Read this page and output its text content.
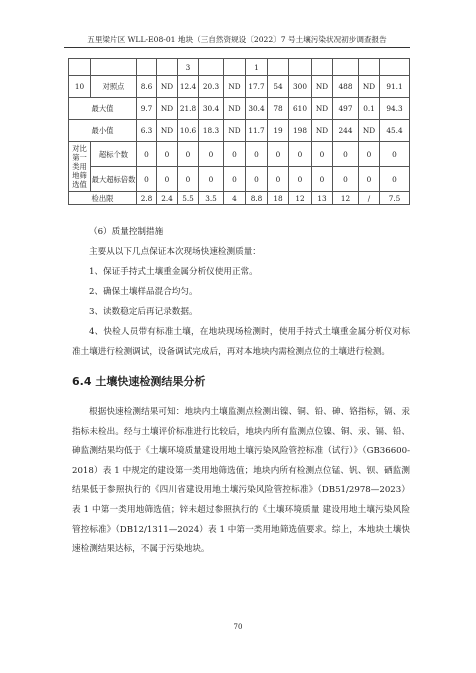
五里梁片区 WLL-E08-01 地块（三自然资规设〔2022〕7 号土壤污染状况初步调查报告
				3			1						
10	对照点	8.6	ND	12.4	20.3	ND	17.7	54	300	ND	488	ND	91.1
最大值		9.7	ND	21.8	30.4	ND	30.4	78	610	ND	497	0.1	94.3
最小值		6.3	ND	10.6	18.3	ND	11.7	19	198	ND	244	ND	45.4
对比第一类用地筛选值	超标个数	0	0	0	0	0	0	0	0	0	0	0	0
	最大超标倍数	0	0	0	0	0	0	0	0	0	0	0	0
检出限		2.8	2.4	5.5	3.5	4	8.8	18	12	13	12	/	7.5

（6）质量控制措施

主要从以下几点保证本次现场快速检测质量：

1、保证手持式土壤重金属分析仪使用正常。

2、确保土壤样品混合均匀。

3、读数稳定后再记录数据。

4、快检人员带有标准土壤，在地块现场检测时，使用手持式土壤重金属分析仪对标准土壤进行检测调试，设备调试完成后，再对本地块内需检测点位的土壤进行检测。

6.4 土壤快速检测结果分析

根据快速检测结果可知：地块内土壤监测点检测出镍、铜、铅、砷、铬指标，镉、汞指标未检出。经与土壤评价标准进行比较后，地块内所有监测点位镍、铜、汞、镉、铅、砷监测结果均低于《土壤环境质量建设用地土壤污染风险管控标准（试行）》（GB36600-2018）表 1 中规定的建设第一类用地筛选值；地块内所有检测点位锰、钒、钡、硒监测结果低于参照执行的《四川省建设用地土壤污染风险管控标准》（DB51/2978—2023）表 1 中第一类用地筛选值；锌未超过参照执行的《土壤环境质量 建设用地土壤污染风险管控标准》（DB12/1311—2024）表 1 中第一类用地筛选值要求。综上，本地块土壤快速检测结果达标，不属于污染地块。

70
